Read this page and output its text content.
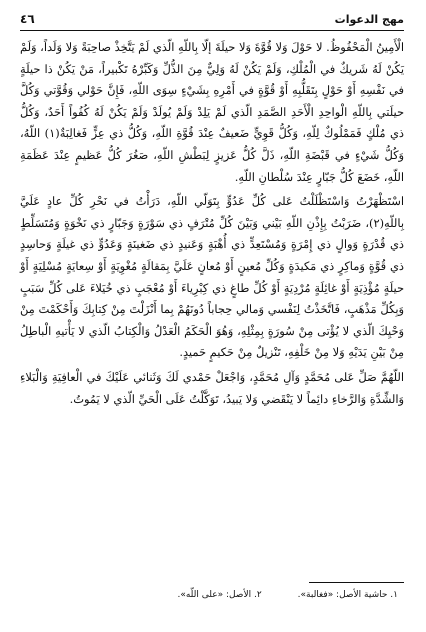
مهج الدعوات
٤٦

الْأَمِينُ الْمَحْفُوظُ. لا حَوْلَ وَلا قُوَّةَ وَلا حيلَةَ إلّا بِاللّهِ الّذي لَمْ يَتَّخِذْ صاحِبَةً وَلا وَلَداً، وَلَمْ يَكُنْ لَهُ شَريكٌ في الْمُلْكِ، وَلَمْ يَكُنْ لَهُ وَلِيٌّ مِنَ الذُّلِّ وَكَبِّرْهُ تَكْبيراً، مَنْ يَكُنْ ذا حيلَةٍ في نَفْسِهِ أَوْ حَوْلٍ بِتَقَلُّبِهِ أَوْ قُوَّةٍ في أَمْرِهِ بِشَيْءٍ سِوَى اللّهِ، فَإِنَّ حَوْلي وَقُوَّتي وَكُلَّ حيلَتي بِاللّهِ الْواحِدِ الْأَحَدِ الصَّمَدِ الّذي لَمْ يَلِدْ وَلَمْ يُولَدْ وَلَمْ يَكُنْ لَهُ كُفُواً أَحَدٌ، وَكُلُّ ذي مُلْكٍ فَمَمْلُوكٌ لِلّهِ، وَكُلُّ قَوِيٍّ ضَعيفٌ عِنْدَ قُوَّةِ اللّهِ، وَكُلُّ ذي عِزٍّ فَغالِبَةٌ(١) اللّهُ، وَكُلُّ شَيْءٍ في قَبْضَةِ اللّهِ، ذَلَّ كُلُّ عَزيزٍ لِبَطْشِ اللّهِ، صَغُرَ كُلُّ عَظيمٍ عِنْدَ عَظَمَةِ اللّهِ، خَضَعَ كُلُّ جَبّارٍ عِنْدَ سُلْطانِ اللّهِ.

اسْتَظْهَرْتُ وَاسْتَظْلَلْتُ عَلى كُلِّ عَدُوٍّ بِتَوَلّي اللّهِ، دَرَأْتُ في نَحْرِ كُلِّ عادٍ عَلَيَّ بِاللّهِ(٢)، ضَرَبْتُ بِإِذْنِ اللّهِ بَيْني وَبَيْنَ كُلِّ مُتْرَفٍ ذي سَوْرَةٍ وَجَبّارٍ ذي نَخْوَةٍ وَمُتَسَلِّطٍ ذي قُدْرَةٍ وَوالٍ ذي إِمْرَةٍ وَمُسْتَعِدٍّ ذي أُهْبَةٍ وَعَنيدٍ ذي ضَغينَةٍ وَعَدُوٍّ ذي غيلَةٍ وَحاسِدٍ ذي قُوَّةٍ وَماكِرٍ ذي مَكيدَةٍ وَكُلِّ مُعينٍ أَوْ مُعانٍ عَلَيَّ بِمَقالَةٍ مُغْوِيَةٍ أَوْ سِعايَةٍ مُسْلِيَةٍ أَوْ حيلَةٍ مُؤْذِيَةٍ أَوْ غائِلَةٍ مُرْدِيَةٍ أَوْ كُلِّ طاغٍ ذي كِبْرِياءَ أَوْ مُعْجَبٍ ذي خُيَلاءَ عَلى كُلِّ سَبَبٍ وَبِكُلِّ مَذْهَبٍ، فَاتَّخَذْتُ لِنَفْسي وَمالي حِجاباً دُونَهُمْ بِما أَنْزَلْتَ مِنْ كِتابِكَ وَأَحْكَمْتَ مِنْ وَحْيِكَ الّذي لا يُؤْتى مِنْ سُورَةٍ بِمِثْلِهِ، وَهُوَ الْحَكَمُ الْعَدْلُ وَالْكِتابُ الّذي لا يَأْتيهِ الْباطِلُ مِنْ بَيْنِ يَدَيْهِ وَلا مِنْ خَلْفِهِ، تَنْزيلٌ مِنْ حَكيمٍ حَميدٍ.

اللّهُمَّ صَلِّ عَلى مُحَمَّدٍ وَآلِ مُحَمَّدٍ، وَاجْعَلْ حَمْدي لَكَ وَثَنائي عَلَيْكَ في الْعافِيَةِ وَالْبَلاءِ وَالشِّدَّةِ وَالرَّخاءِ دائِماً لا يَنْقَضي وَلا يَبيدُ، تَوَكَّلْتُ عَلَى الْحَيِّ الّذي لا يَمُوتُ.

١. حاشية الأصل: «فغالبة».
٢. الأصل: «على اللّه».
